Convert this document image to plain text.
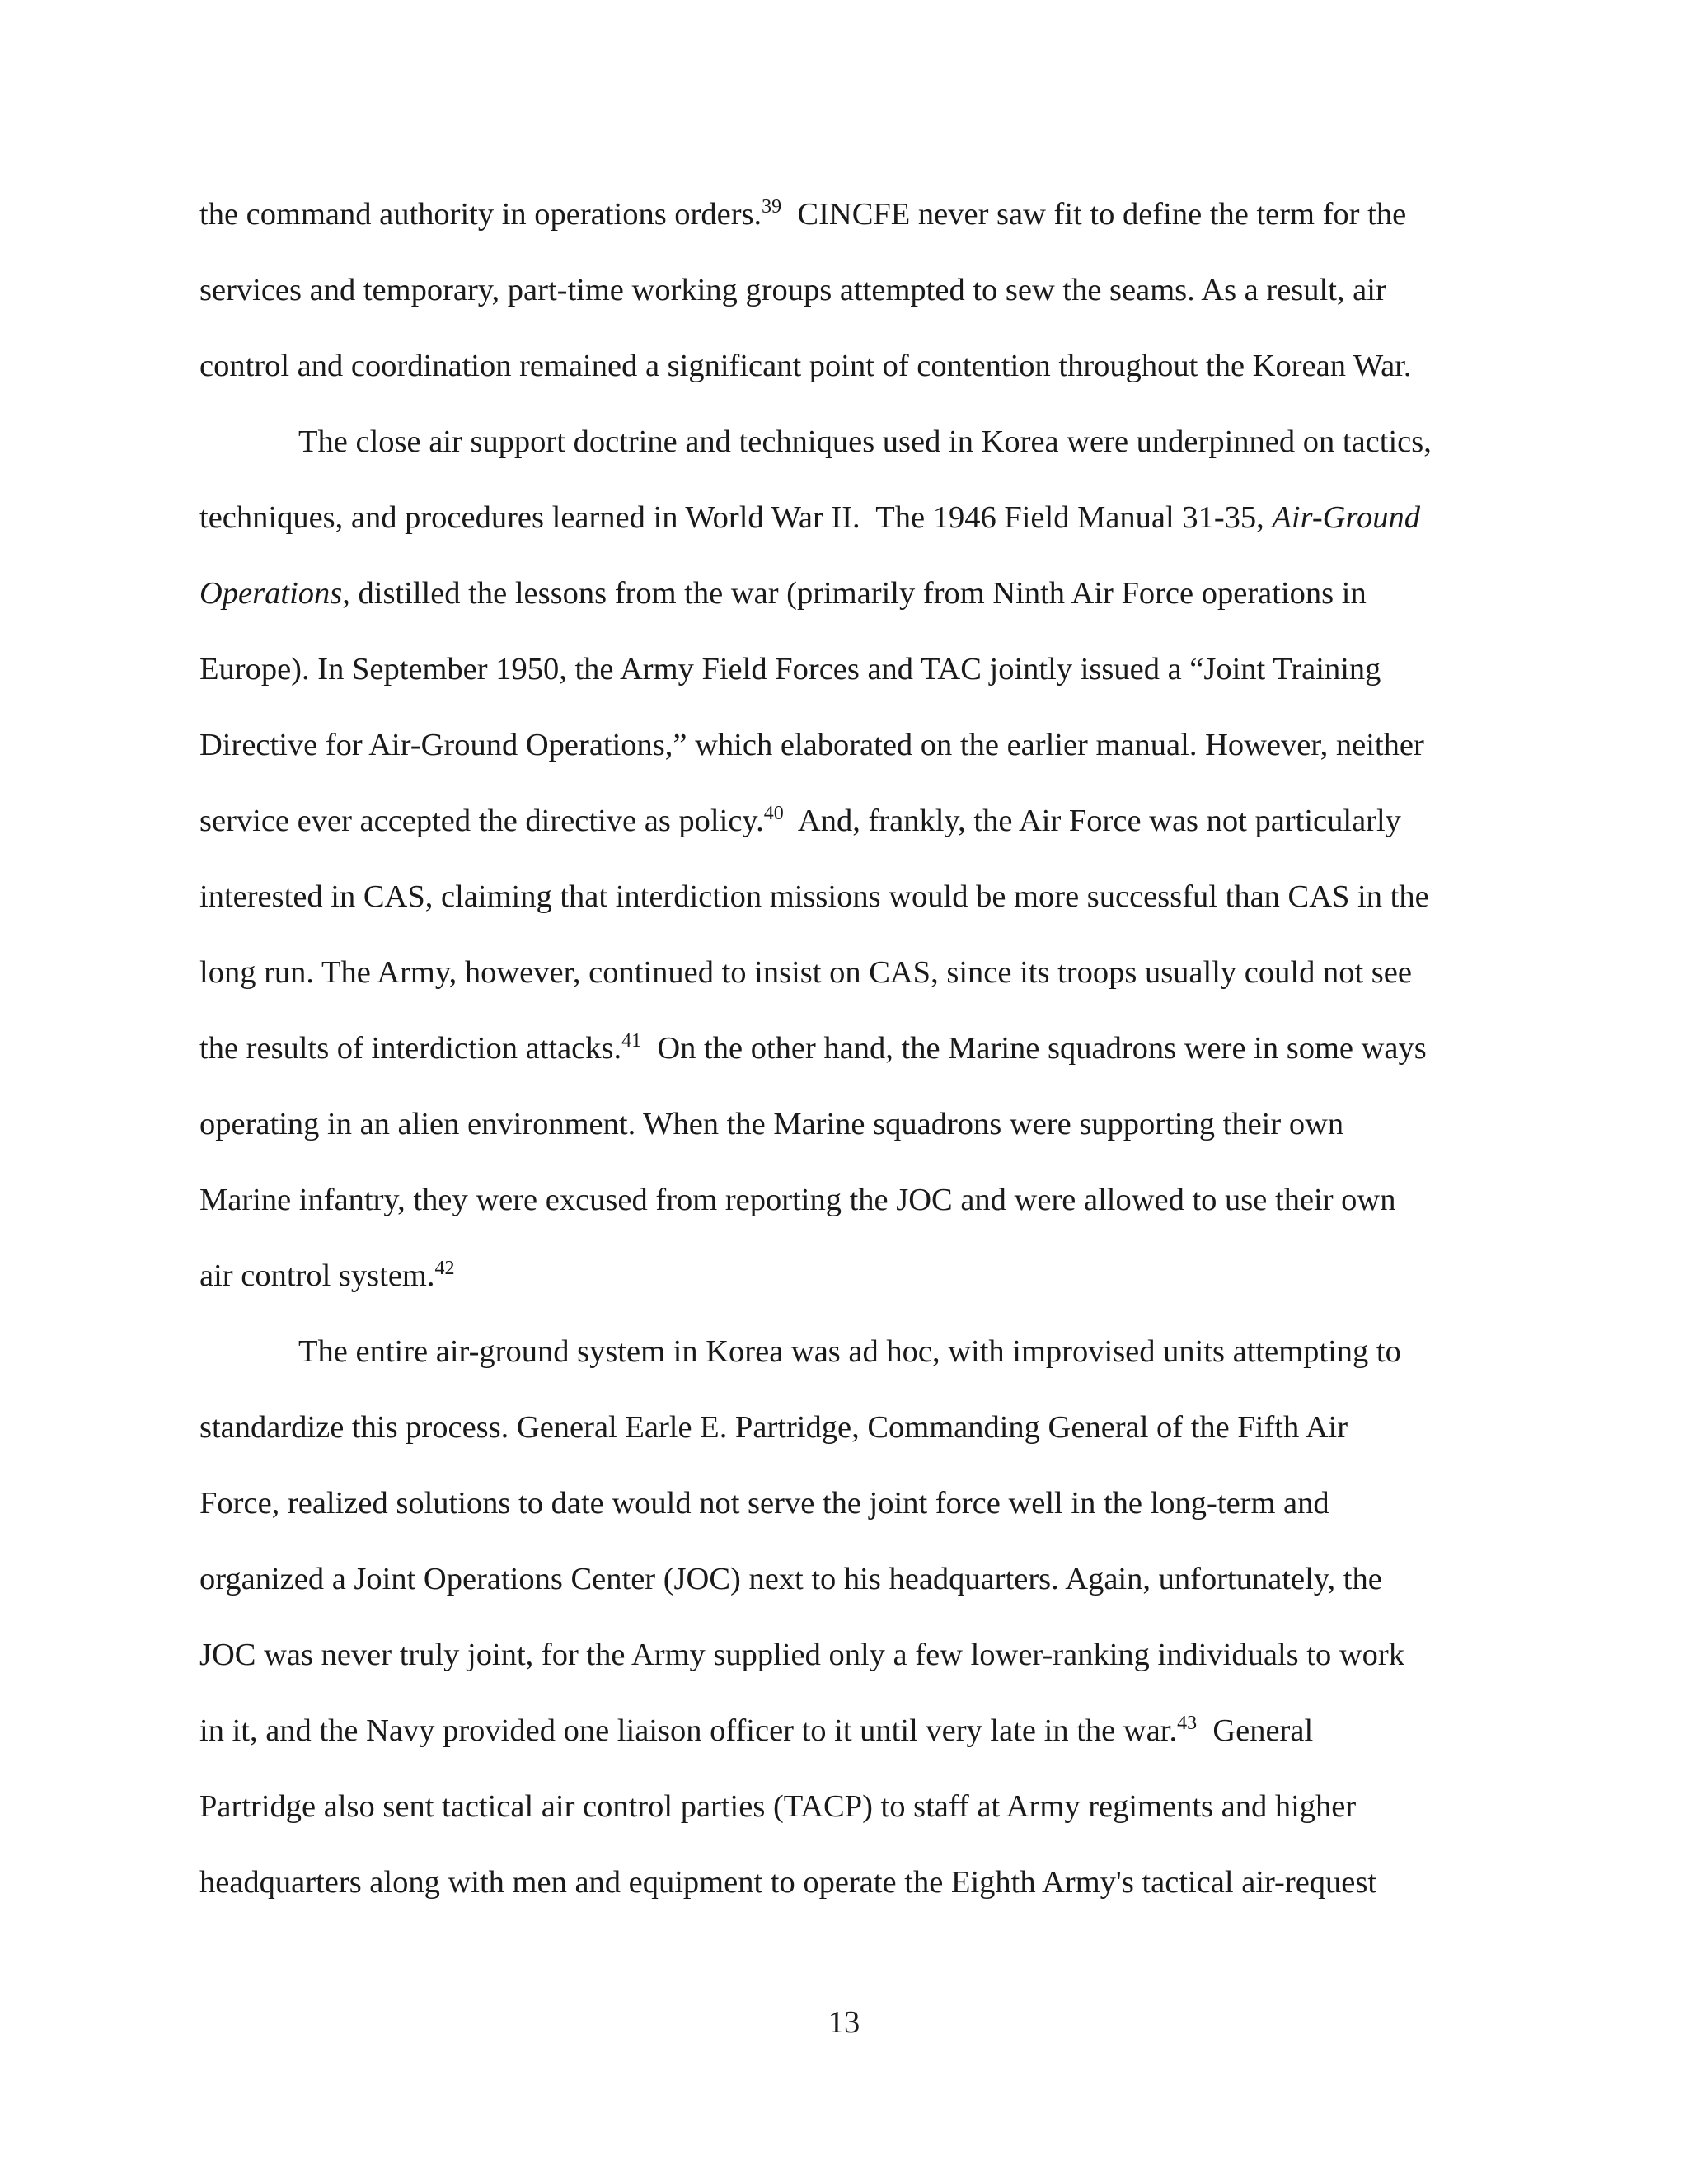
the command authority in operations orders.$^{39}$  CINCFE never saw fit to define the term for the
services and temporary, part-time working groups attempted to sew the seams. As a result, air
control and coordination remained a significant point of contention throughout the Korean War.
The close air support doctrine and techniques used in Korea were underpinned on tactics,
techniques, and procedures learned in World War II.  The 1946 Field Manual 31-35, Air-Ground
Operations, distilled the lessons from the war (primarily from Ninth Air Force operations in
Europe). In September 1950, the Army Field Forces and TAC jointly issued a “Joint Training
Directive for Air-Ground Operations,” which elaborated on the earlier manual. However, neither
service ever accepted the directive as policy.$^{40}$  And, frankly, the Air Force was not particularly
interested in CAS, claiming that interdiction missions would be more successful than CAS in the
long run. The Army, however, continued to insist on CAS, since its troops usually could not see
the results of interdiction attacks.$^{41}$  On the other hand, the Marine squadrons were in some ways
operating in an alien environment. When the Marine squadrons were supporting their own
Marine infantry, they were excused from reporting the JOC and were allowed to use their own
air control system.$^{42}$
The entire air-ground system in Korea was ad hoc, with improvised units attempting to
standardize this process. General Earle E. Partridge, Commanding General of the Fifth Air
Force, realized solutions to date would not serve the joint force well in the long-term and
organized a Joint Operations Center (JOC) next to his headquarters. Again, unfortunately, the
JOC was never truly joint, for the Army supplied only a few lower-ranking individuals to work
in it, and the Navy provided one liaison officer to it until very late in the war.$^{43}$  General
Partridge also sent tactical air control parties (TACP) to staff at Army regiments and higher
headquarters along with men and equipment to operate the Eighth Army's tactical air-request
13
